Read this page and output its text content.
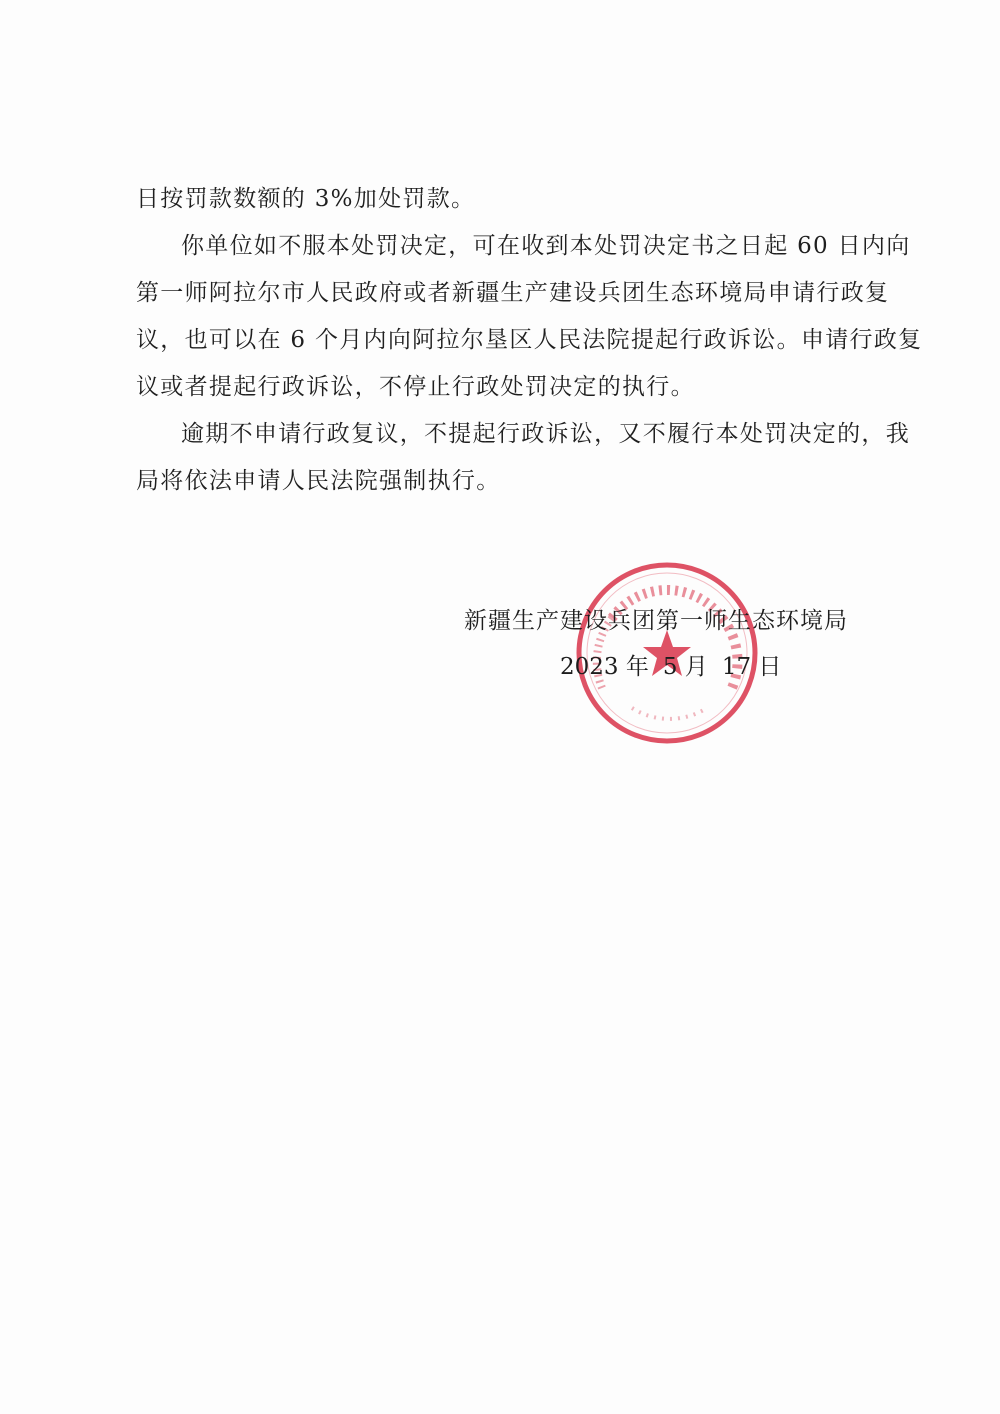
日按罚款数额的 3%加处罚款。
你单位如不服本处罚决定，可在收到本处罚决定书之日起 60 日内向
第一师阿拉尔市人民政府或者新疆生产建设兵团生态环境局申请行政复
议，也可以在 6 个月内向阿拉尔垦区人民法院提起行政诉讼。申请行政复
议或者提起行政诉讼，不停止行政处罚决定的执行。
逾期不申请行政复议，不提起行政诉讼，又不履行本处罚决定的，我
局将依法申请人民法院强制执行。
新疆生产建设兵团第一师生态环境局
2023 年 5 月 17 日
